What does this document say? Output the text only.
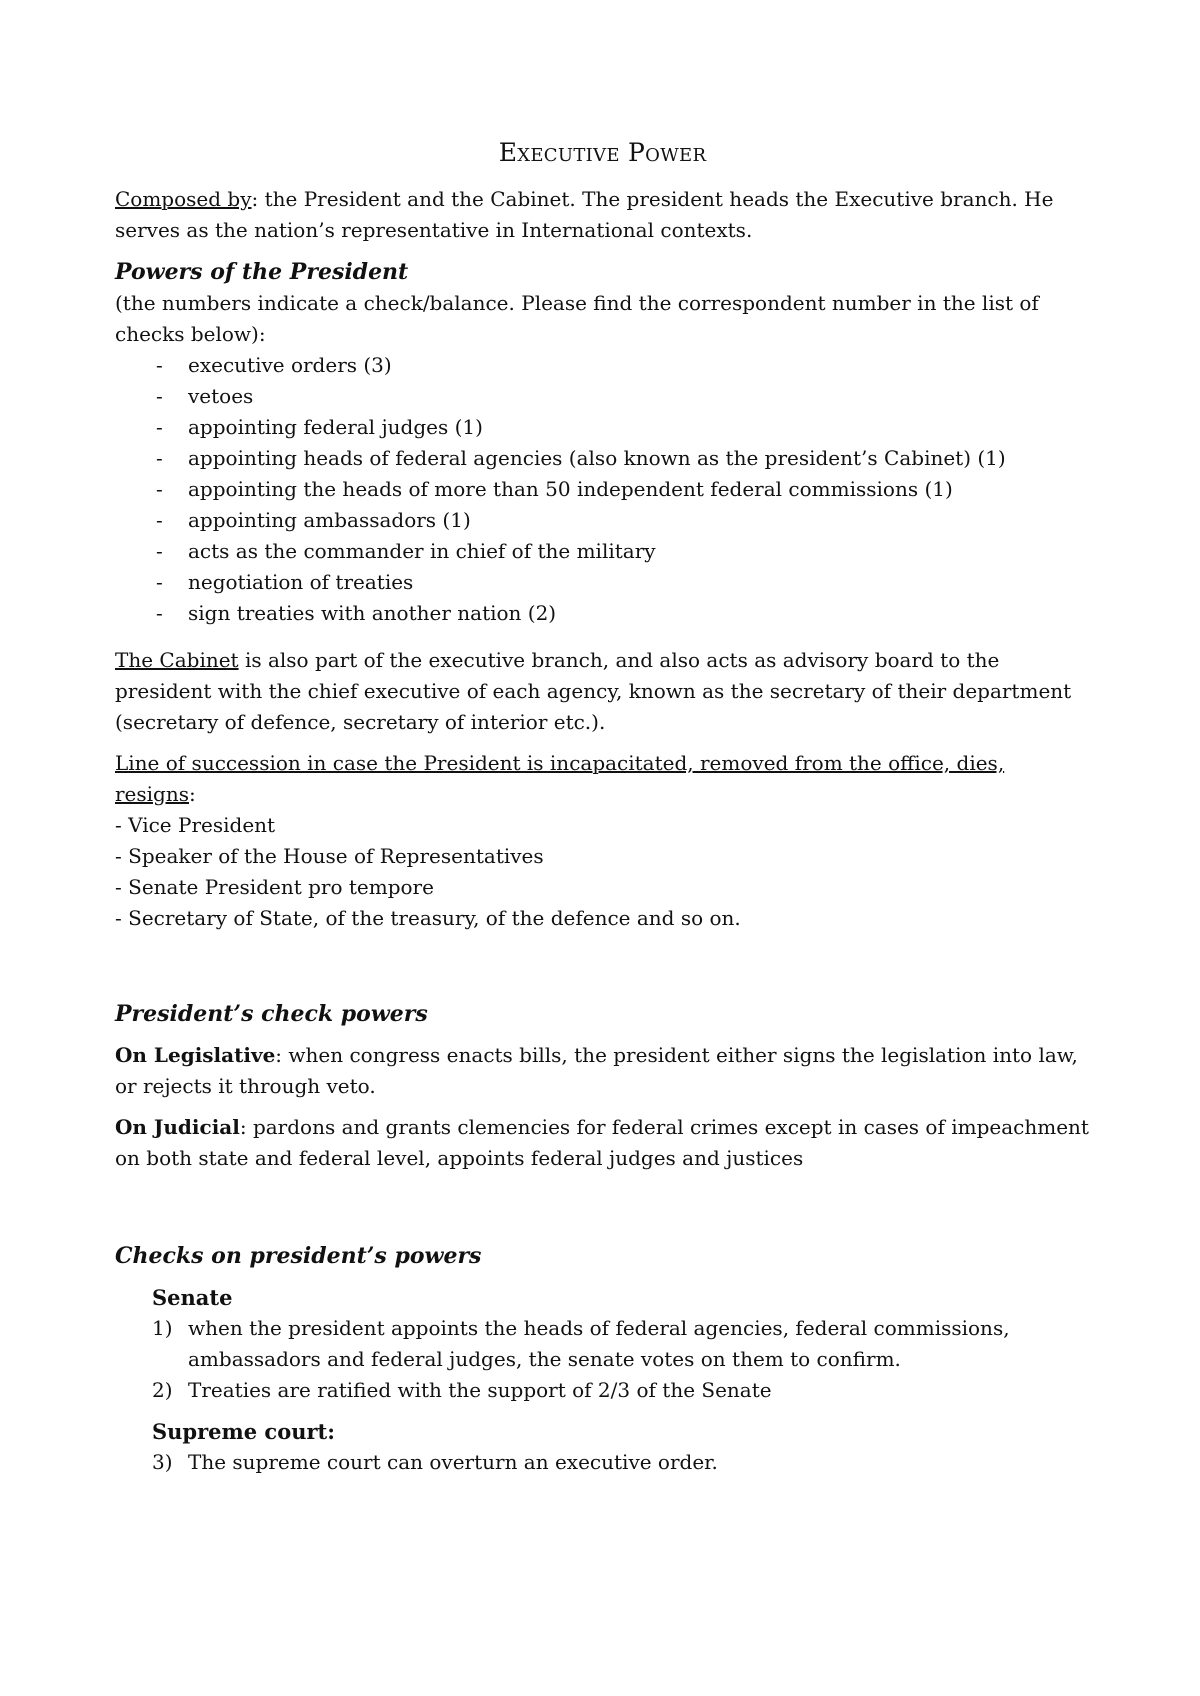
Executive Power

Composed by: the President and the Cabinet. The president heads the Executive branch. He serves as the nation’s representative in International contexts.

Powers of the President

(the numbers indicate a check/balance. Please find the correspondent number in the list of checks below):

- executive orders (3)
- vetoes
- appointing federal judges (1)
- appointing heads of federal agencies (also known as the president’s Cabinet) (1)
- appointing the heads of more than 50 independent federal commissions (1)
- appointing ambassadors (1)
- acts as the commander in chief of the military
- negotiation of treaties
- sign treaties with another nation (2)

The Cabinet is also part of the executive branch, and also acts as advisory board to the president with the chief executive of each agency, known as the secretary of their department (secretary of defence, secretary of interior etc.).

Line of succession in case the President is incapacitated, removed from the office, dies, resigns:

- Vice President

- Speaker of the House of Representatives

- Senate President pro tempore

- Secretary of State, of the treasury, of the defence and so on.

President’s check powers

On Legislative: when congress enacts bills, the president either signs the legislation into law, or rejects it through veto.

On Judicial: pardons and grants clemencies for federal crimes except in cases of impeachment on both state and federal level, appoints federal judges and justices

Checks on president’s powers

Senate

1) when the president appoints the heads of federal agencies, federal commissions, ambassadors and federal judges, the senate votes on them to confirm.
2) Treaties are ratified with the support of 2/3 of the Senate

Supreme court:

3) The supreme court can overturn an executive order.
